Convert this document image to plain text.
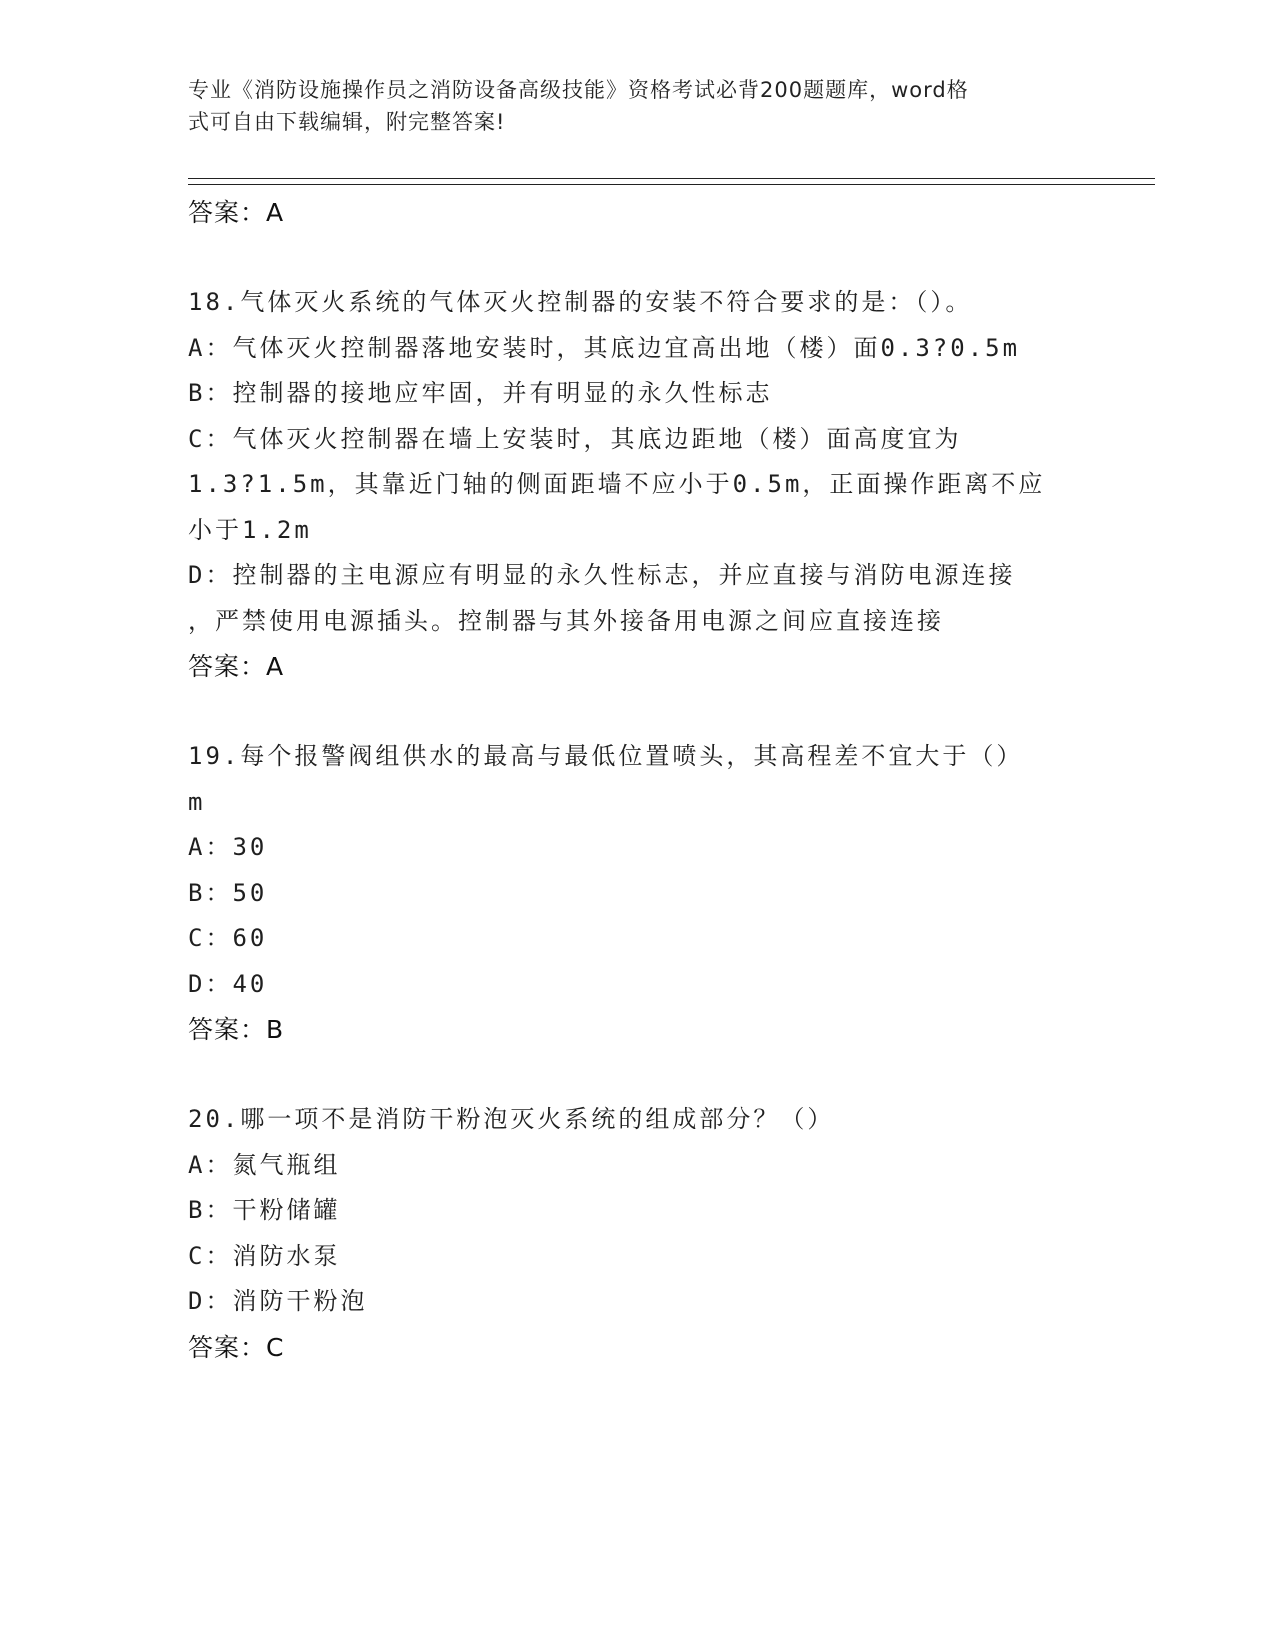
专业《消防设施操作员之消防设备高级技能》资格考试必背200题题库，word格
式可自由下载编辑，附完整答案!
答案：A
18.气体灭火系统的气体灭火控制器的安装不符合要求的是：（）。
A：气体灭火控制器落地安装时，其底边宜高出地（楼）面0.3?0.5m
B：控制器的接地应牢固，并有明显的永久性标志
C：气体灭火控制器在墙上安装时，其底边距地（楼）面高度宜为
1.3?1.5m，其靠近门轴的侧面距墙不应小于0.5m，正面操作距离不应
小于1.2m
D：控制器的主电源应有明显的永久性标志，并应直接与消防电源连接
，严禁使用电源插头。控制器与其外接备用电源之间应直接连接
答案：A
19.每个报警阀组供水的最高与最低位置喷头，其高程差不宜大于（）
m
A：30
B：50
C：60
D：40
答案：B
20.哪一项不是消防干粉泡灭火系统的组成部分？（）
A：氮气瓶组
B：干粉储罐
C：消防水泵
D：消防干粉泡
答案：C
